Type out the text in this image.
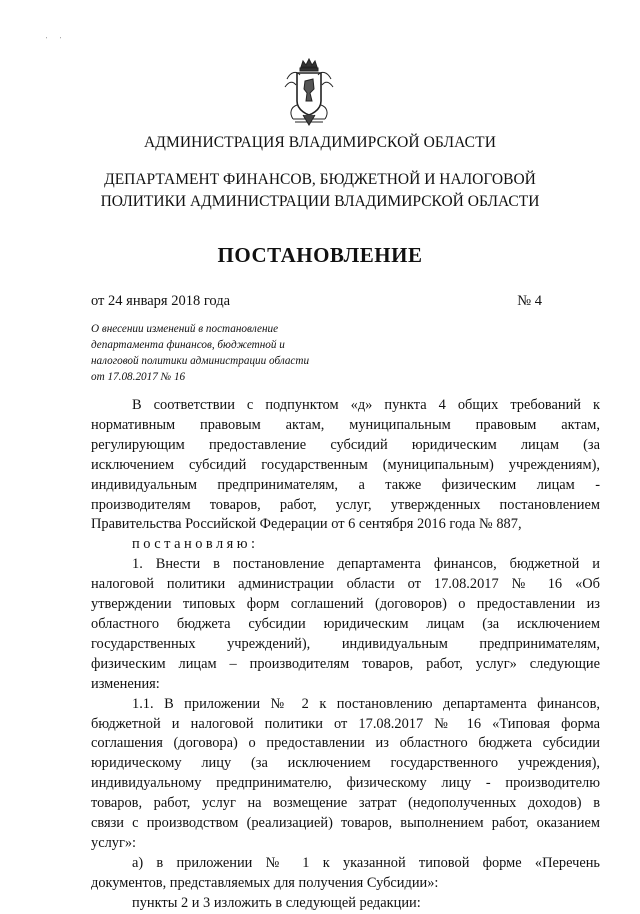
' '
АДМИНИСТРАЦИЯ ВЛАДИМИРСКОЙ ОБЛАСТИ
ДЕПАРТАМЕНТ ФИНАНСОВ, БЮДЖЕТНОЙ И НАЛОГОВОЙ
ПОЛИТИКИ АДМИНИСТРАЦИИ ВЛАДИМИРСКОЙ ОБЛАСТИ
ПОСТАНОВЛЕНИЕ
от 24 января 2018 года	№ 4
О внесении изменений в постановление
департамента финансов, бюджетной и
налоговой политики администрации области
от 17.08.2017 № 16

В соответствии с подпунктом «д» пункта 4 общих требований к

нормативным правовым актам, муниципальным правовым актам,

регулирующим предоставление субсидий юридическим лицам (за

исключением субсидий государственным (муниципальным) учреждениям),

индивидуальным предпринимателям, а также физическим лицам -

производителям товаров, работ, услуг, утвержденных постановлением

Правительства Российской Федерации от 6 сентября 2016 года № 887,

постановляю:

1. Внести в постановление департамента финансов, бюджетной и

налоговой политики администрации области от 17.08.2017 № 16 «Об

утверждении типовых форм соглашений (договоров) о предоставлении из

областного бюджета субсидии юридическим лицам (за исключением

государственных учреждений), индивидуальным предпринимателям,

физическим лицам – производителям товаров, работ, услуг» следующие

изменения:

1.1. В приложении № 2 к постановлению департамента финансов,

бюджетной и налоговой политики от 17.08.2017 № 16 «Типовая форма

соглашения (договора) о предоставлении из областного бюджета субсидии

юридическому лицу (за исключением государственного учреждения),

индивидуальному предпринимателю, физическому лицу - производителю

товаров, работ, услуг на возмещение затрат (недополученных доходов) в

связи с производством (реализацией) товаров, выполнением работ, оказанием

услуг»:

а) в приложении № 1 к указанной типовой форме «Перечень

документов, представляемых для получения Субсидии»:

пункты 2 и 3 изложить в следующей редакции:
